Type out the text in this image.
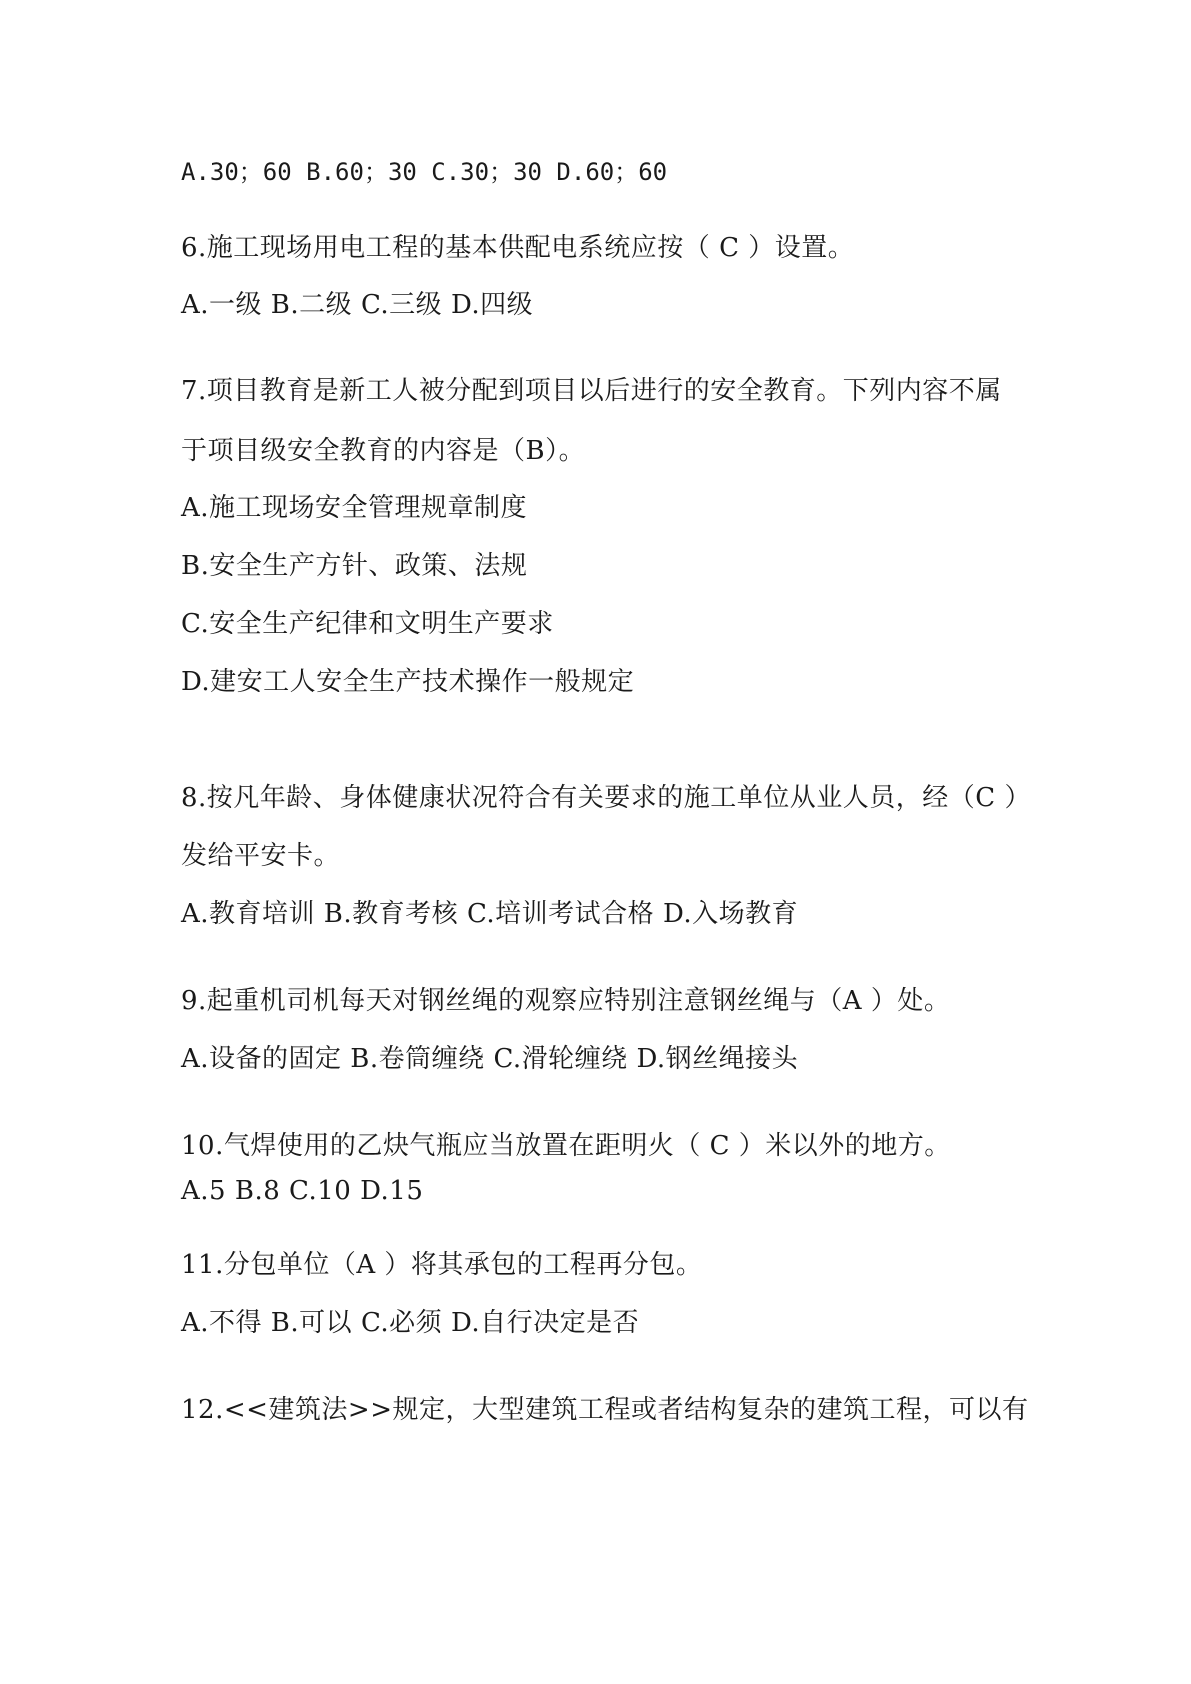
A.30；60 B.60；30 C.30；30 D.60；60
6.施工现场用电工程的基本供配电系统应按（ C ）设置。
A.一级 B.二级 C.三级 D.四级
7.项目教育是新工人被分配到项目以后进行的安全教育。下列内容不属
于项目级安全教育的内容是（B）。
A.施工现场安全管理规章制度
B.安全生产方针、政策、法规
C.安全生产纪律和文明生产要求
D.建安工人安全生产技术操作一般规定
8.按凡年龄、身体健康状况符合有关要求的施工单位从业人员，经（C ）
发给平安卡。
A.教育培训 B.教育考核 C.培训考试合格 D.入场教育
9.起重机司机每天对钢丝绳的观察应特别注意钢丝绳与（A ）处。
A.设备的固定 B.卷筒缠绕 C.滑轮缠绕 D.钢丝绳接头
10.气焊使用的乙炔气瓶应当放置在距明火（ C ）米以外的地方。
A.5 B.8 C.10 D.15
11.分包单位（A ）将其承包的工程再分包。
A.不得 B.可以 C.必须 D.自行决定是否
12.<<建筑法>>规定，大型建筑工程或者结构复杂的建筑工程，可以有
